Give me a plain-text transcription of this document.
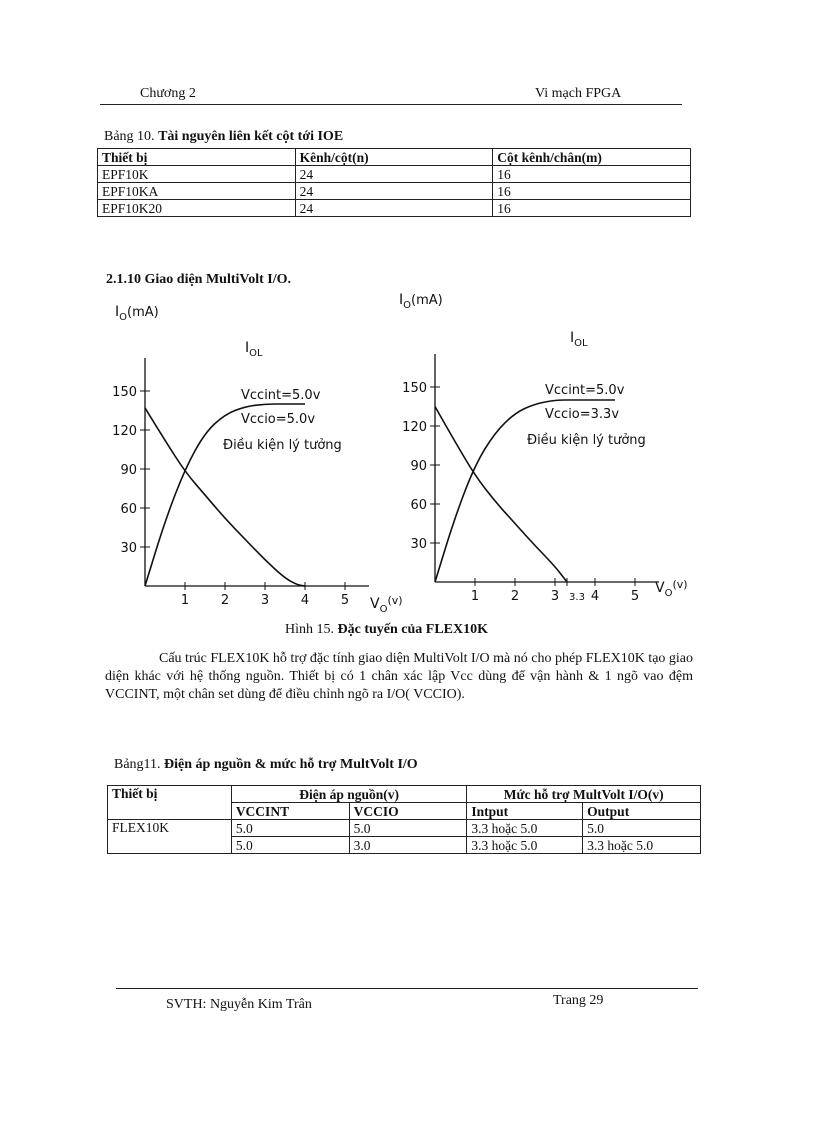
Chương 2	Vi mạch FPGA
Bảng 10. Tài nguyên liên kết cột tới IOE
Thiết bị	Kênh/cột(n)	Cột kênh/chân(m)
EPF10K	24	16
EPF10KA	24	16
EPF10K20	24	16
2.1.10 Giao diện MultiVolt I/O.
$I_O(mA)$
$V_O^{(v)}$
30
60
90
120
150
1 2 3 4 5
$I_{OL}$
Vccint=5.0v
Vccio=5.0v
Điều kiện lý tưởng
$I_O(mA)$
$V_O^{(v)}$
30
60
90
120
150
1 2 3 3.3 4 5
$I_{OL}$
Vccint=5.0v
Vccio=3.3v
Điều kiện lý tưởng
Hình 15. Đặc tuyến của FLEX10K
Cấu trúc FLEX10K hỗ trợ đặc tính giao diện MultiVolt I/O mà nó cho phép FLEX10K tạo giao diện khác với hệ thống nguồn. Thiết bị có 1 chân xác lập Vcc dùng để vận hành & 1 ngõ vao đệm VCCINT, một chân set dùng để điều chỉnh ngõ ra I/O( VCCIO).
Bảng11. Điện áp nguồn & mức hỗ trợ MultVolt I/O
Thiết bị	Điện áp nguồn(v)		Mức hỗ trợ MultVolt I/O(v)	
	VCCINT	VCCIO	Intput	Output
FLEX10K	5.0	5.0	3.3 hoặc 5.0	5.0
	5.0	3.0	3.3 hoặc 5.0	3.3 hoặc 5.0
SVTH: Nguyễn Kim Trân	Trang 29
